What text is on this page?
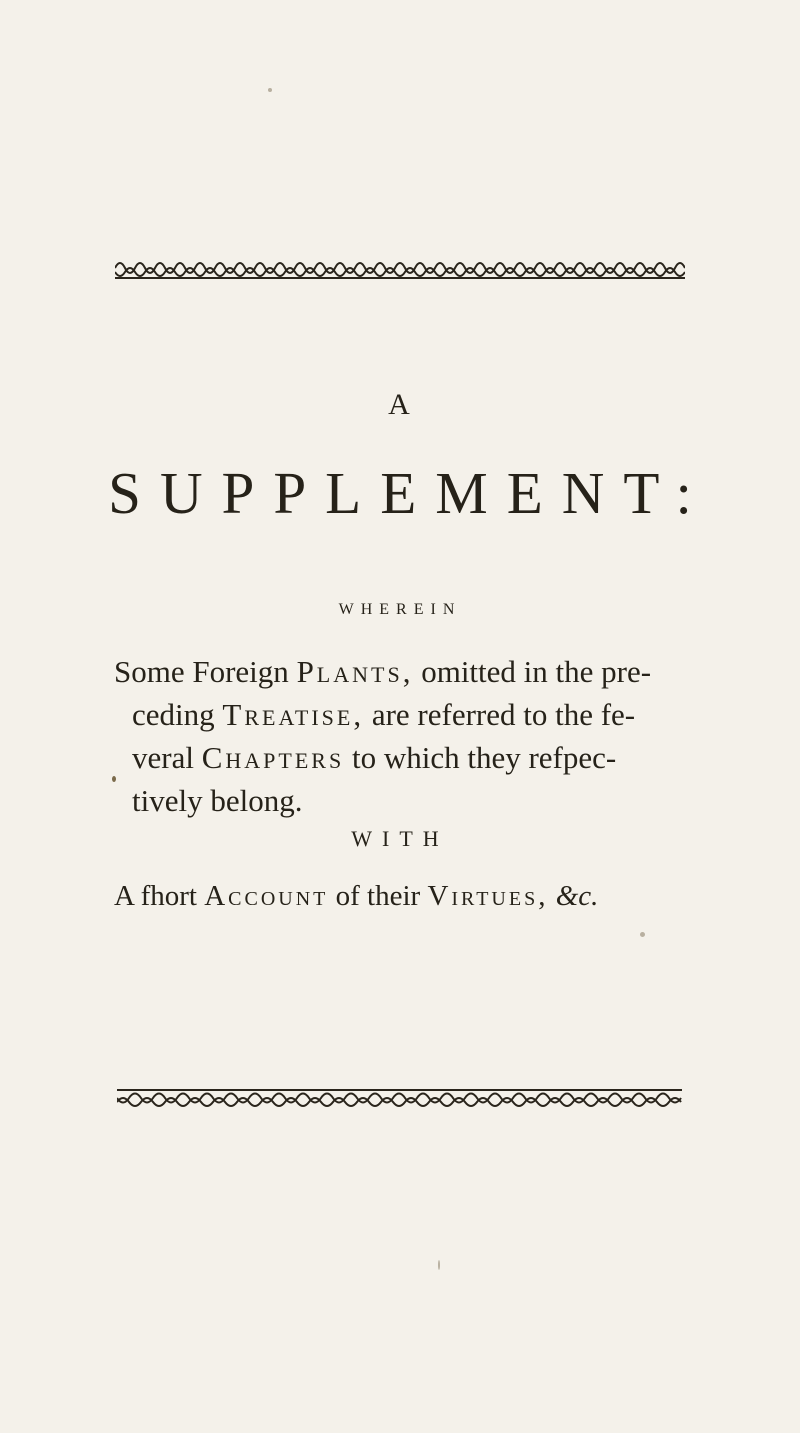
A
SUPPLEMENT:
WHEREIN
Some Foreign Plants, omitted in the pre-
ceding Treatise, are referred to the fe-
veral Chapters to which they refpec-
tively belong.
WITH
A fhort Account of their Virtues, &c.
